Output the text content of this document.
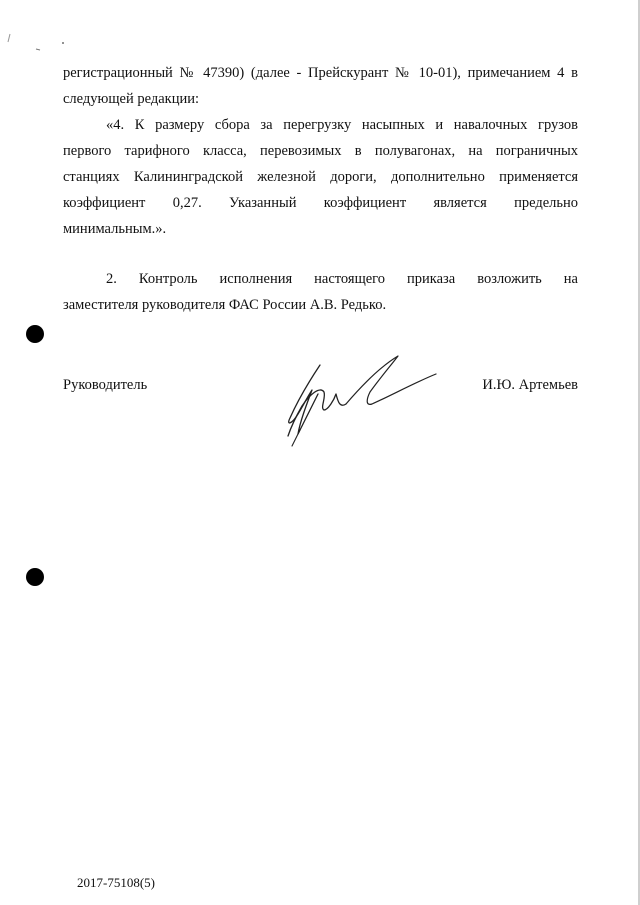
регистрационный № 47390) (далее - Прейскурант № 10-01), примечанием 4 в
следующей редакции:
«4. К размеру сбора за перегрузку насыпных и навалочных грузов
первого тарифного класса, перевозимых в полувагонах, на пограничных
станциях Калининградской железной дороги, дополнительно применяется
коэффициент 0,27. Указанный коэффициент является предельно
минимальным.».
2. Контроль исполнения настоящего приказа возложить на
заместителя руководителя ФАС России А.В. Редько.
Руководитель	И.Ю. Артемьев
2017-75108(5)
